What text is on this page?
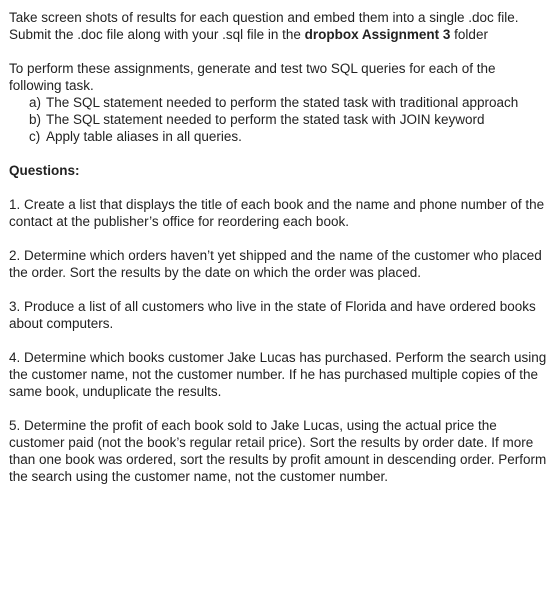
Take screen shots of results for each question and embed them into a single .doc file. Submit the .doc file along with your .sql file in the dropbox Assignment 3 folder

To perform these assignments, generate and test two SQL queries for each of the following task.

a) The SQL statement needed to perform the stated task with traditional approach
b) The SQL statement needed to perform the stated task with JOIN keyword
c) Apply table aliases in all queries.

Questions:

1. Create a list that displays the title of each book and the name and phone number of the contact at the publisher’s office for reordering each book.

2. Determine which orders haven’t yet shipped and the name of the customer who placed the order. Sort the results by the date on which the order was placed.

3. Produce a list of all customers who live in the state of Florida and have ordered books about computers.

4. Determine which books customer Jake Lucas has purchased. Perform the search using the customer name, not the customer number. If he has purchased multiple copies of the same book, unduplicate the results.

5. Determine the profit of each book sold to Jake Lucas, using the actual price the customer paid (not the book’s regular retail price). Sort the results by order date. If more than one book was ordered, sort the results by profit amount in descending order. Perform the search using the customer name, not the customer number.
